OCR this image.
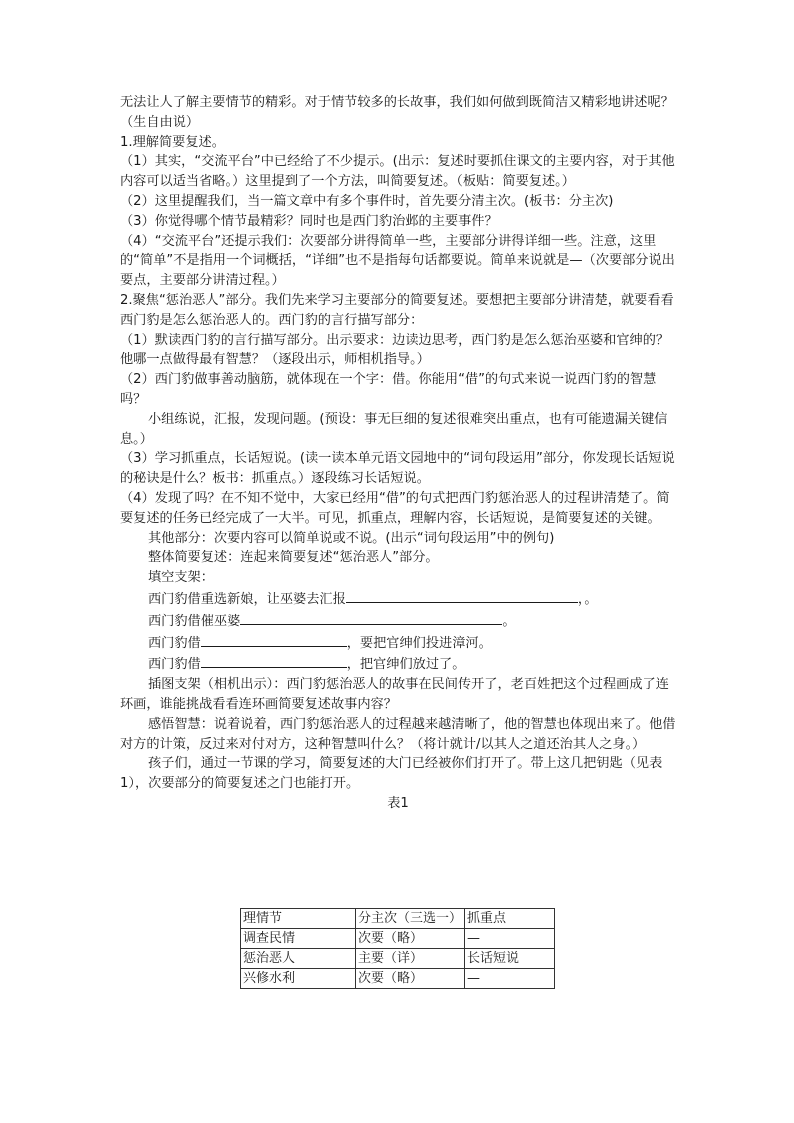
无法让人了解主要情节的精彩。对于情节较多的长故事，我们如何做到既简洁又精彩地讲述呢？（生自由说）

1.理解简要复述。

（1）其实，“交流平台”中已经给了不少提示。(出示：复述时要抓住课文的主要内容，对于其他内容可以适当省略。）这里提到了一个方法，叫简要复述。（板贴：简要复述。）

（2）这里提醒我们，当一篇文章中有多个事件时，首先要分清主次。(板书：分主次)

（3）你觉得哪个情节最精彩？同时也是西门豹治邺的主要事件？

（4）“交流平台”还提示我们：次要部分讲得简单一些，主要部分讲得详细一些。注意，这里的“简单”不是指用一个词概括，“详细”也不是指每句话都要说。简单来说就是—（次要部分说出要点，主要部分讲清过程。）

2.聚焦“惩治恶人”部分。我们先来学习主要部分的简要复述。要想把主要部分讲清楚，就要看看西门豹是怎么惩治恶人的。西门豹的言行描写部分：

（1）默读西门豹的言行描写部分。出示要求：边读边思考，西门豹是怎么惩治巫婆和官绅的？他哪一点做得最有智慧？（逐段出示，师相机指导。）

（2）西门豹做事善动脑筋，就体现在一个字：借。你能用“借”的句式来说一说西门豹的智慧吗？

小组练说，汇报，发现问题。(预设：事无巨细的复述很难突出重点，也有可能遗漏关键信息。）

（3）学习抓重点，长话短说。(读一读本单元语文园地中的“词句段运用”部分，你发现长话短说的秘诀是什么？板书：抓重点。）逐段练习长话短说。

（4）发现了吗？在不知不觉中，大家已经用“借”的句式把西门豹惩治恶人的过程讲清楚了。简要复述的任务已经完成了一大半。可见，抓重点，理解内容，长话短说，是简要复述的关键。

其他部分：次要内容可以简单说或不说。(出示“词句段运用”中的例句)

整体简要复述：连起来简要复述“惩治恶人”部分。

填空支架：

西门豹借重选新娘，让巫婆去汇报	，。

西门豹借催巫婆	。

西门豹借	，要把官绅们投进漳河。

西门豹借	，把官绅们放过了。

插图支架（相机出示）：西门豹惩治恶人的故事在民间传开了，老百姓把这个过程画成了连环画，谁能挑战看看连环画简要复述故事内容？

感悟智慧：说着说着，西门豹惩治恶人的过程越来越清晰了，他的智慧也体现出来了。他借对方的计策，反过来对付对方，这种智慧叫什么？（将计就计/以其人之道还治其人之身。）

孩子们，通过一节课的学习，简要复述的大门已经被你们打开了。带上这几把钥匙（见表1），次要部分的简要复述之门也能打开。

表1

理情节	分主次（三选一）	抓重点
调查民情	次要（略）	—
惩治恶人	主要（详）	长话短说
兴修水利	次要（略）	—
